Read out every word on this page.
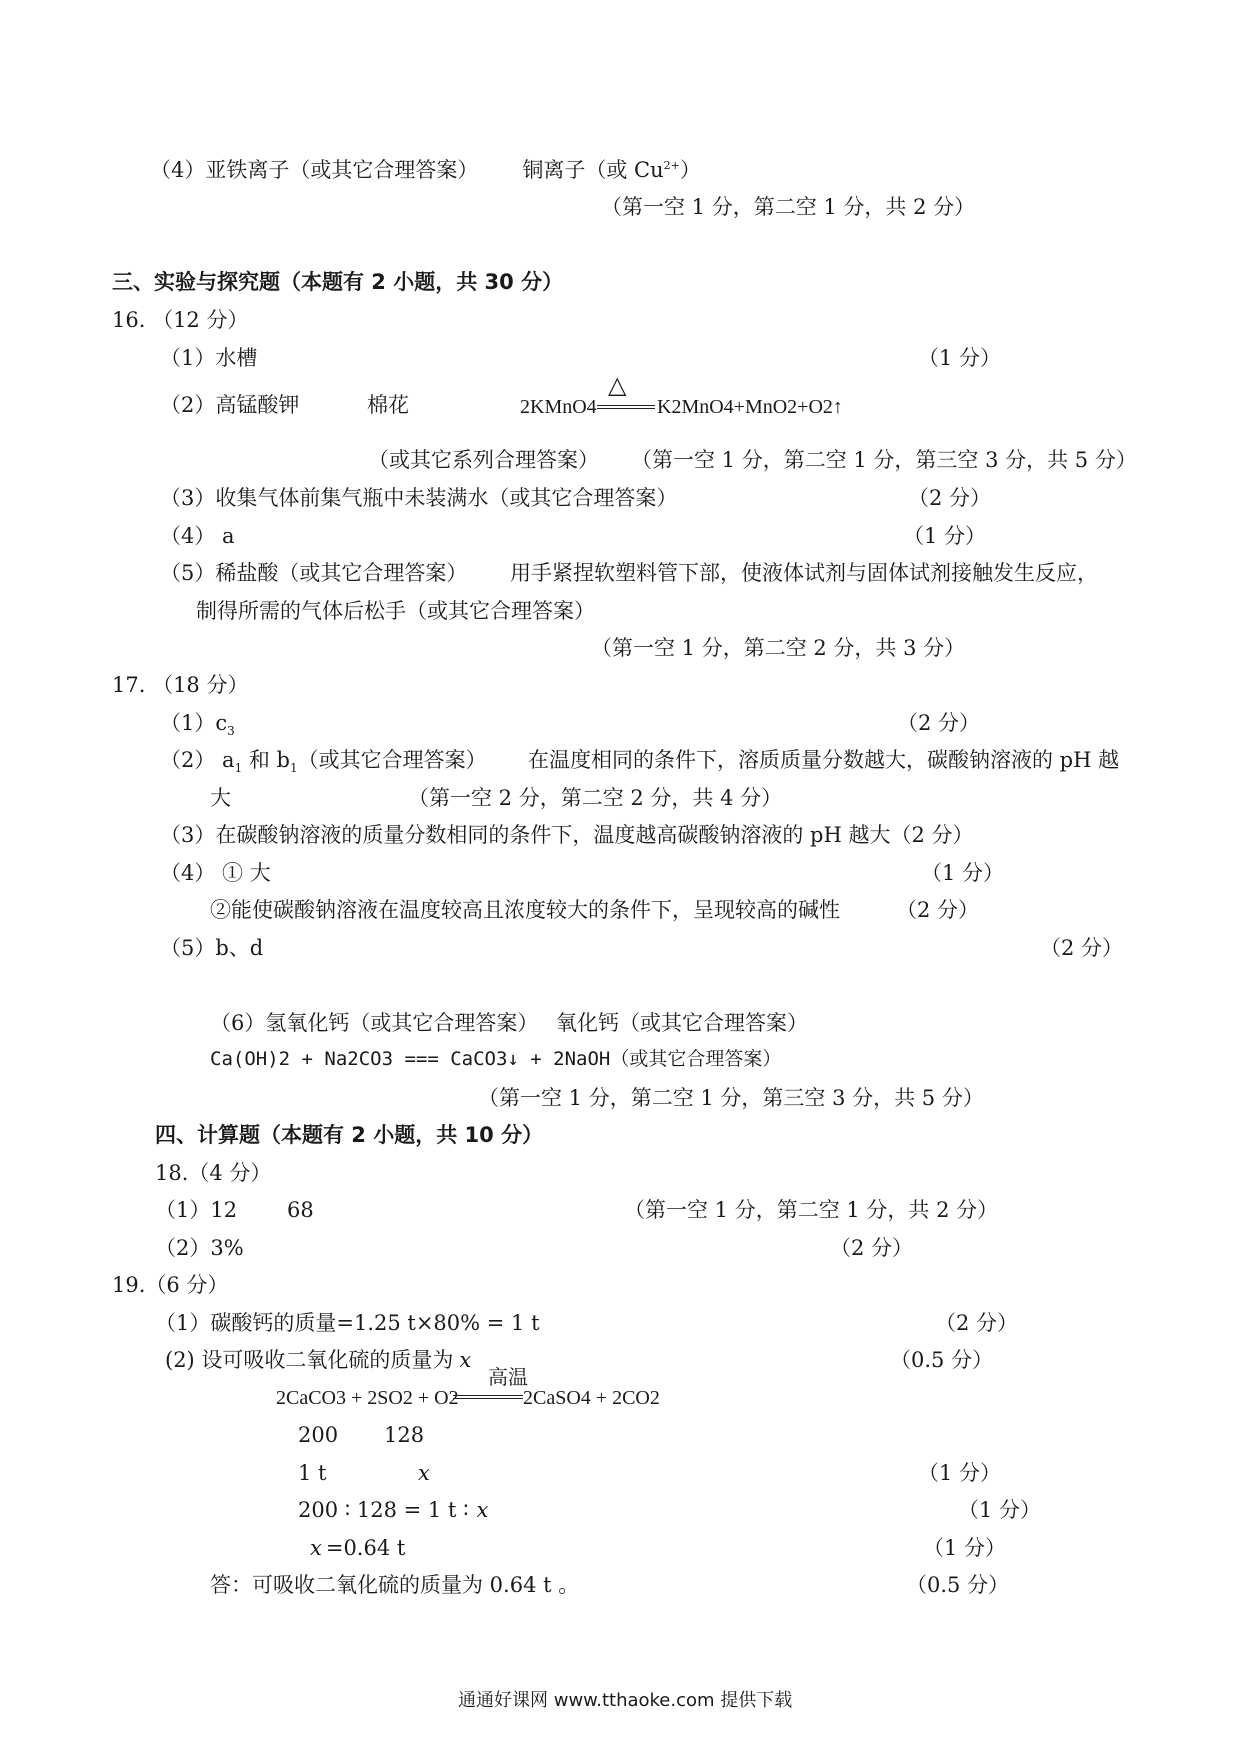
（4）亚铁离子（或其它合理答案） 铜离子（或 $Cu^{2+}$）
（第一空 1 分，第二空 1 分，共 2 分）
三、实验与探究题（本题有 2 小题，共 30 分）
16. （12 分）
（1）水槽	（1 分）
（2）高锰酸钾	棉花	2KMnO4
△
K2MnO4+MnO2+O2↑
（或其它系列合理答案） （第一空 1 分，第二空 1 分，第三空 3 分，共 5 分）
（3）收集气体前集气瓶中未装满水（或其它合理答案）	（2 分）
（4） a	（1 分）
（5）稀盐酸（或其它合理答案） 用手紧捏软塑料管下部，使液体试剂与固体试剂接触发生反应，
制得所需的气体后松手（或其它合理答案）
（第一空 1 分，第二空 2 分，共 3 分）
17. （18 分）
$(1)c_3$	（2 分）
（2） $a_1$ 和 $b_1$（或其它合理答案） 在温度相同的条件下，溶质质量分数越大，碳酸钠溶液的 pH 越
大	（第一空 2 分，第二空 2 分，共 4 分）
（3）在碳酸钠溶液的质量分数相同的条件下，温度越高碳酸钠溶液的 pH 越大（2 分）
（4） ① 大	（1 分）
②能使碳酸钠溶液在温度较高且浓度较大的条件下，呈现较高的碱性	（2 分）
（5）b、d	（2 分）
（6）氢氧化钙（或其它合理答案） 氧化钙（或其它合理答案）
Ca(OH)2 + Na2CO3 === CaCO3↓ + 2NaOH（或其它合理答案）
（第一空 1 分，第二空 1 分，第三空 3 分，共 5 分）
四、计算题（本题有 2 小题，共 10 分）
18.（4 分）
（1）12 68	（第一空 1 分，第二空 1 分，共 2 分）
（2）3%	（2 分）
19.（6 分）
（1）碳酸钙的质量=1.25 t×80% = 1 t	（2 分）
(2) 设可吸收二氧化硫的质量为 x	（0.5 分）
2CaCO3 + 2SO2 + O2
高温
2CaSO4 + 2CO2
200 128
1 t	x	（1 分）
200 ∶ 128 = 1 t ∶ x	（1 分）
x =0.64 t	（1 分）
答：可吸收二氧化硫的质量为 0.64 t 。	（0.5 分）
通通好课网 www.tthaoke.com 提供下载
